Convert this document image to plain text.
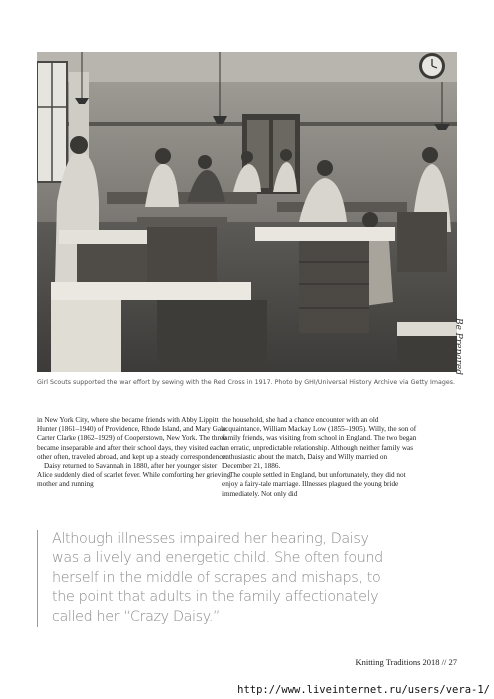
Be Prepared
Girl Scouts supported the war effort by sewing with the Red Cross in 1917. Photo by GHI/Universal History Archive via Getty Images.

in New York City, where she became friends with Abby Lippitt Hunter (1861–1940) of Providence, Rhode Island, and Mary Gale Carter Clarke (1862–1929) of Cooperstown, New York. The three became inseparable and after their school days, they visited each other often, traveled abroad, and kept up a steady correspondence.

Daisy returned to Savannah in 1880, after her younger sister Alice suddenly died of scarlet fever. While comforting her grieving mother and running

the household, she had a chance encounter with an old acquaintance, William Mackay Low (1855–1905). Willy, the son of family friends, was visiting from school in England. The two began an erratic, unpredictable relationship. Although neither family was enthusiastic about the match, Daisy and Willy married on December 21, 1886.

The couple settled in England, but unfortunately, they did not enjoy a fairy-tale marriage. Illnesses plagued the young bride immediately. Not only did

Although illnesses impaired her hearing, Daisy
was a lively and energetic child. She often found
herself in the middle of scrapes and mishaps, to
the point that adults in the family affectionately
called her “Crazy Daisy.”
Knitting Traditions 2018 // 27
http://www.liveinternet.ru/users/vera-1/
